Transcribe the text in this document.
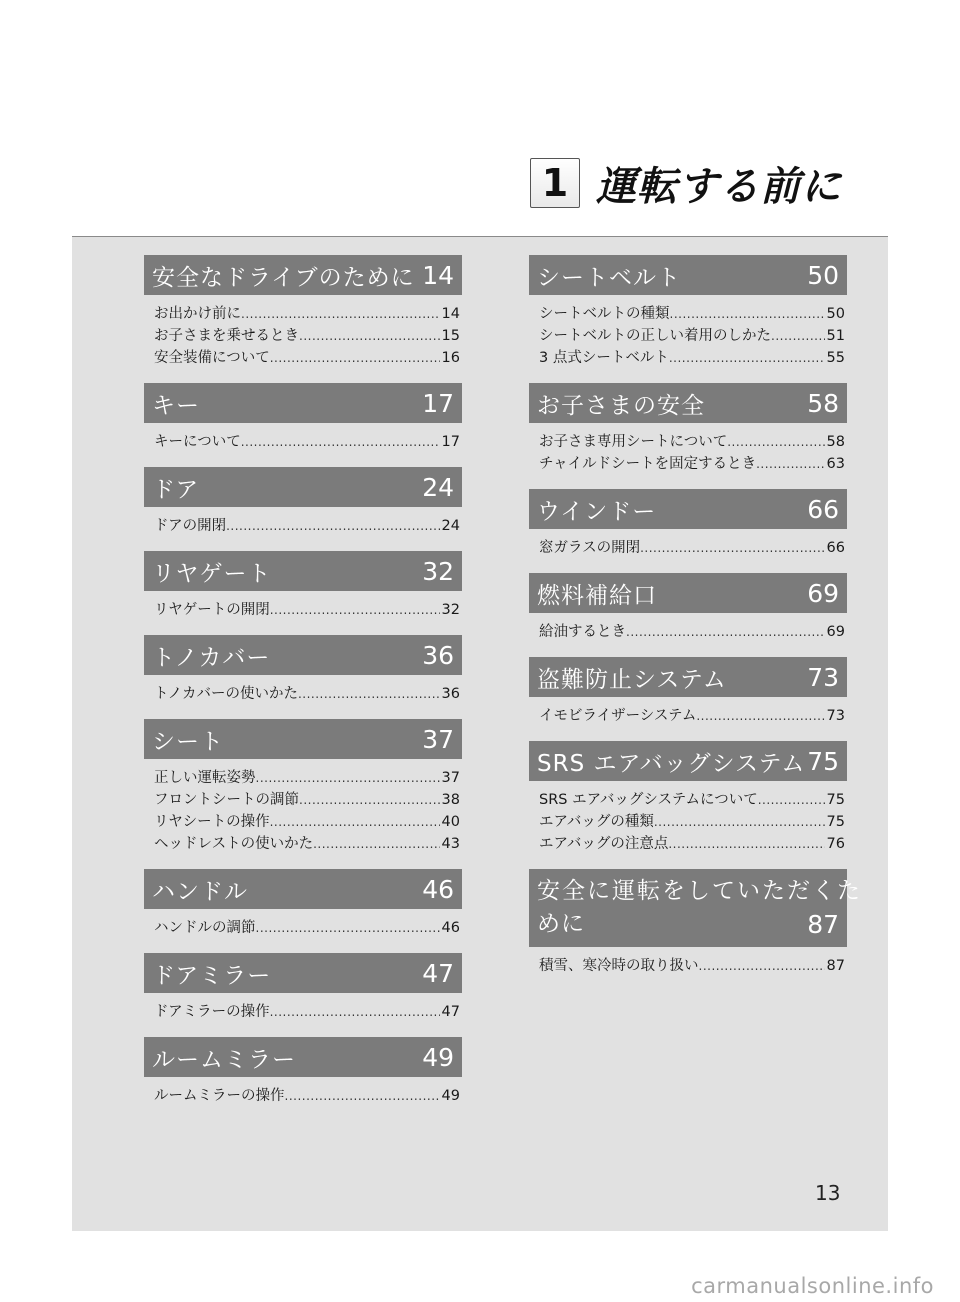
1 運転する前に
安全なドライブのために 14
お出かけ前に .....	14
お子さまを乗せるとき .....	15
安全装備について .....	16
キー	17
キーについて .....	17
ドア	24
ドアの開閉 .....	24
リヤゲート	32
リヤゲートの開閉 .....	32
トノカバー	36
トノカバーの使いかた .....	36
シート	37
正しい運転姿勢 .....	37
フロントシートの調節 .....	38
リヤシートの操作 .....	40
ヘッドレストの使いかた .....	43
ハンドル	46
ハンドルの調節 .....	46
ドアミラー	47
ドアミラーの操作 .....	47
ルームミラー	49
ルームミラーの操作 .....	49
シートベルト	50
シートベルトの種類 .....	50
シートベルトの正しい着用のしかた .....	51
3 点式シートベルト .....	55
お子さまの安全	58
お子さま専用シートについて .....	58
チャイルドシートを固定するとき .....	63
ウインドー	66
窓ガラスの開閉 .....	66
燃料補給口	69
給油するとき .....	69
盗難防止システム	73
イモビライザーシステム .....	73
SRS エアバッグシステム 75
SRS エアバッグシステムについて .....	75
エアバッグの種類 .....	75
エアバッグの注意点 .....	76
安全に運転をしていただくた
めに	87
積雪、寒冷時の取り扱い .....	87
13
carmanualsonline.info
